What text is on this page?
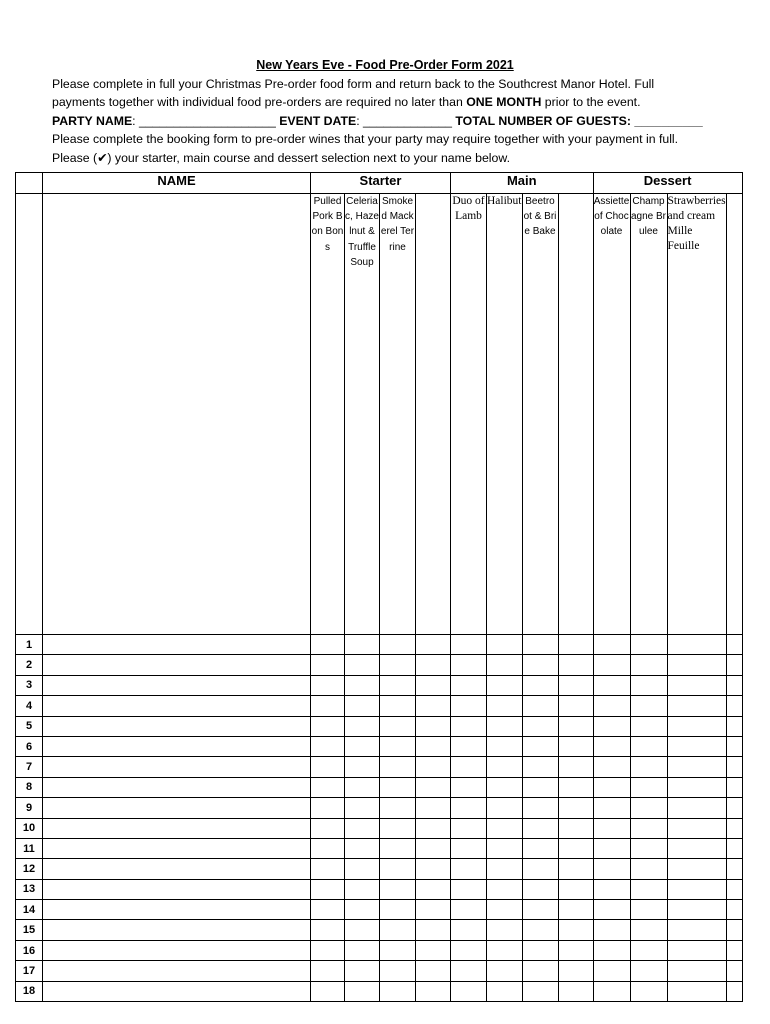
New Years Eve - Food Pre-Order Form 2021
Please complete in full your Christmas Pre-order food form and return back to the Southcrest Manor Hotel. Full
payments together with individual food pre-orders are required no later than ONE MONTH prior to the event.
PARTY NAME: ____________________ EVENT DATE: _____________ TOTAL NUMBER OF GUESTS: __________
Please complete the booking form to pre-order wines that your party may require together with your payment in full.
Please (✔) your starter, main course and dessert selection next to your name below.
	NAME	Starter				Main				Dessert			
		Pulled Pork Bon Bons	Celeriac, Hazelnut & Truffle Soup	Smoked Mackerel Terrine		Duo of Lamb	Halibut	Beetroot & Brie Bake		Assiette of Chocolate	Champagne Brulee	Strawberries and cream Mille Feuille	
1													
2													
3													
4													
5													
6													
7													
8													
9													
10													
11													
12													
13													
14													
15													
16													
17													
18													
